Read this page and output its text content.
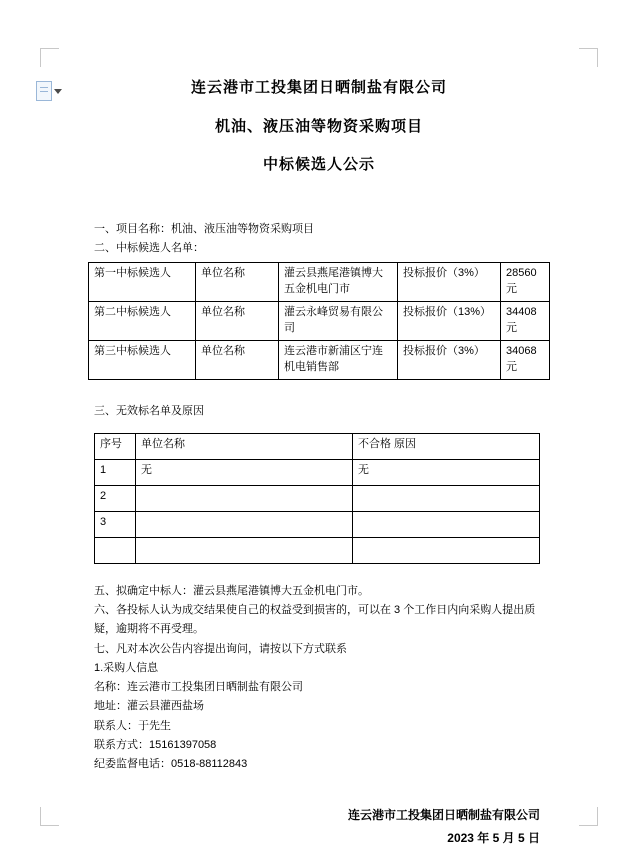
连云港市工投集团日晒制盐有限公司
机油、液压油等物资采购项目
中标候选人公示

一、项目名称：机油、液压油等物资采购项目

二、中标候选人名单：

第一中标候选人	单位名称	灌云县燕尾港镇博大五金机电门市	投标报价（3%）	28560 元
第二中标候选人	单位名称	灌云永峰贸易有限公司	投标报价（13%）	34408 元
第三中标候选人	单位名称	连云港市新浦区宁连机电销售部	投标报价（3%）	34068 元

三、无效标名单及原因

序号	单位名称	不合格 原因
1	无	无
2		
3		

五、拟确定中标人：灌云县燕尾港镇博大五金机电门市。

六、各投标人认为成交结果使自己的权益受到损害的，可以在 3 个工作日内向采购人提出质疑，逾期将不再受理。

七、凡对本次公告内容提出询问，请按以下方式联系

1.采购人信息

名称：连云港市工投集团日晒制盐有限公司

地址：灌云县灌西盐场

联系人：于先生

联系方式：15161397058

纪委监督电话：0518-88112843

连云港市工投集团日晒制盐有限公司
2023 年 5 月 5 日
